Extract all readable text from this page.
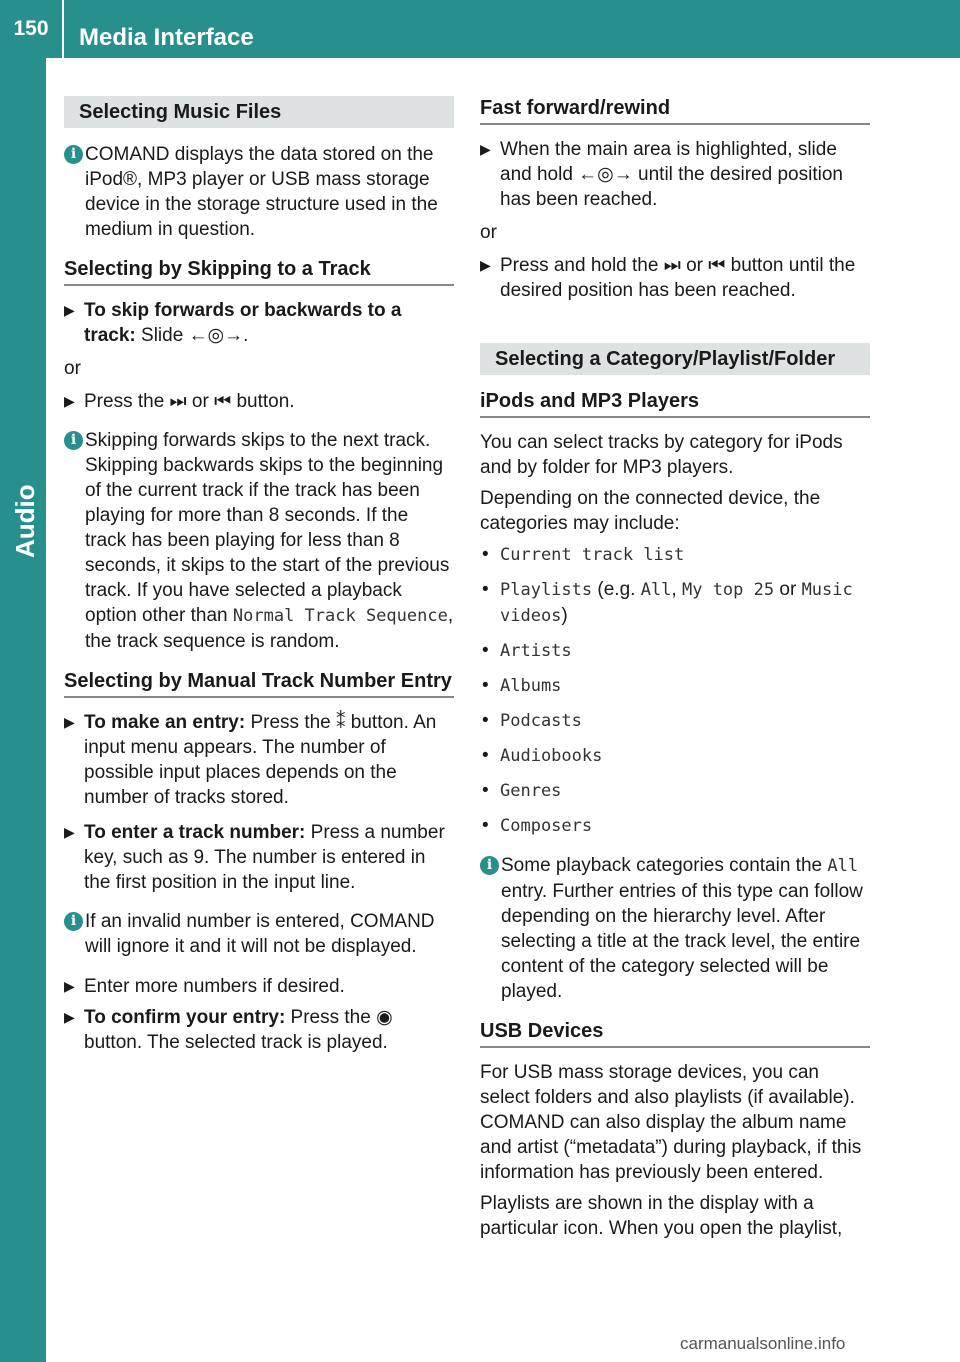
150	Media Interface
Audio
Selecting Music Files
i COMAND displays the data stored on the iPod®, MP3 player or USB mass storage device in the storage structure used in the medium in question.
Selecting by Skipping to a Track
▶ To skip forwards or backwards to a track: Slide ←◎→.
or
▶ Press the ⏭ or ⏮ button.
i Skipping forwards skips to the next track. Skipping backwards skips to the beginning of the current track if the track has been playing for more than 8 seconds. If the track has been playing for less than 8 seconds, it skips to the start of the previous track. If you have selected a playback option other than Normal Track Sequence, the track sequence is random.
Selecting by Manual Track Number Entry
▶ To make an entry: Press the ⁑ button. An input menu appears. The number of possible input places depends on the number of tracks stored.
▶ To enter a track number: Press a number key, such as 9. The number is entered in the first position in the input line.
i If an invalid number is entered, COMAND will ignore it and it will not be displayed.
▶ Enter more numbers if desired.
▶ To confirm your entry: Press the ◉ button. The selected track is played.
Fast forward/rewind
▶ When the main area is highlighted, slide and hold ←◎→ until the desired position has been reached.
or
▶ Press and hold the ⏭ or ⏮ button until the desired position has been reached.
Selecting a Category/Playlist/Folder
iPods and MP3 Players
You can select tracks by category for iPods and by folder for MP3 players.
Depending on the connected device, the categories may include:
• Current track list
• Playlists (e.g. All, My top 25 or Music videos)
• Artists
• Albums
• Podcasts
• Audiobooks
• Genres
• Composers
i Some playback categories contain the All entry. Further entries of this type can follow depending on the hierarchy level. After selecting a title at the track level, the entire content of the category selected will be played.
USB Devices
For USB mass storage devices, you can select folders and also playlists (if available). COMAND can also display the album name and artist (“metadata”) during playback, if this information has previously been entered.
Playlists are shown in the display with a particular icon. When you open the playlist,
carmanualsonline.info
